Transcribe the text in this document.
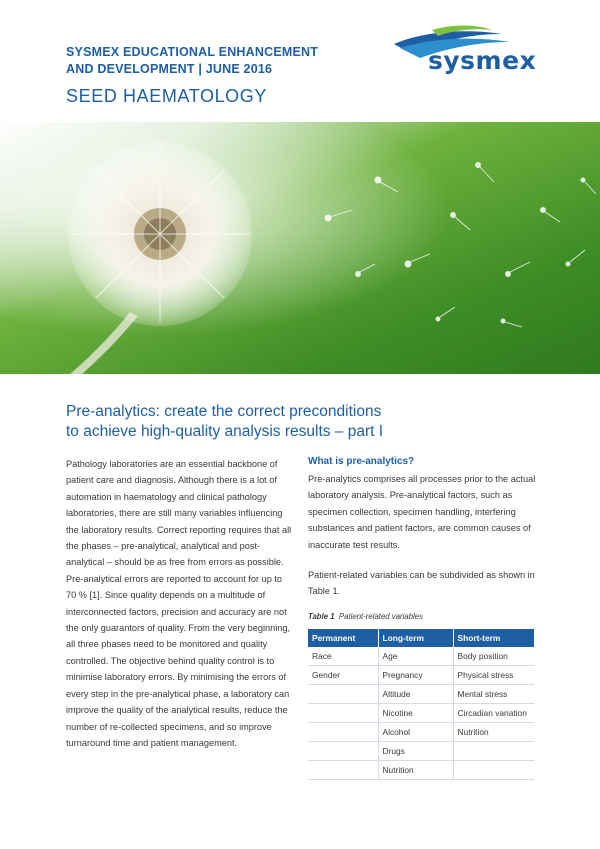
SYSMEX EDUCATIONAL ENHANCEMENT
AND DEVELOPMENT | JUNE 2016
SEED HAEMATOLOGY
sysmex
Pre-analytics: create the correct preconditions
to achieve high-quality analysis results – part I
Pathology laboratories are an essential backbone of patient care and diagnosis. Although there is a lot of automation in haematology and clinical pathology laboratories, there are still many variables influencing the laboratory results. Correct reporting requires that all the phases – pre-analytical, analytical and post-analytical – should be as free from errors as possible. Pre-analytical errors are reported to account for up to 70 % [1]. Since quality depends on a multitude of interconnected factors, precision and accuracy are not the only guarantors of quality. From the very beginning, all three phases need to be monitored and quality controlled. The objective behind quality control is to minimise laboratory errors. By minimising the errors of every step in the pre-analytical phase, a laboratory can improve the quality of the analytical results, reduce the number of re-collected specimens, and so improve turnaround time and patient management.
What is pre-analytics?
Pre-analytics comprises all processes prior to the actual laboratory analysis. Pre-analytical factors, such as specimen collection, specimen handling, interfering substances and patient factors, are common causes of inaccurate test results.
Patient-related variables can be subdivided as shown in Table 1.
Table 1 Patient-related variables
Permanent	Long-term	Short-term
Race	Age	Body position
Gender	Pregnancy	Physical stress
	Altitude	Mental stress
	Nicotine	Circadian variation
	Alcohol	Nutrition
	Drugs	
	Nutrition	
